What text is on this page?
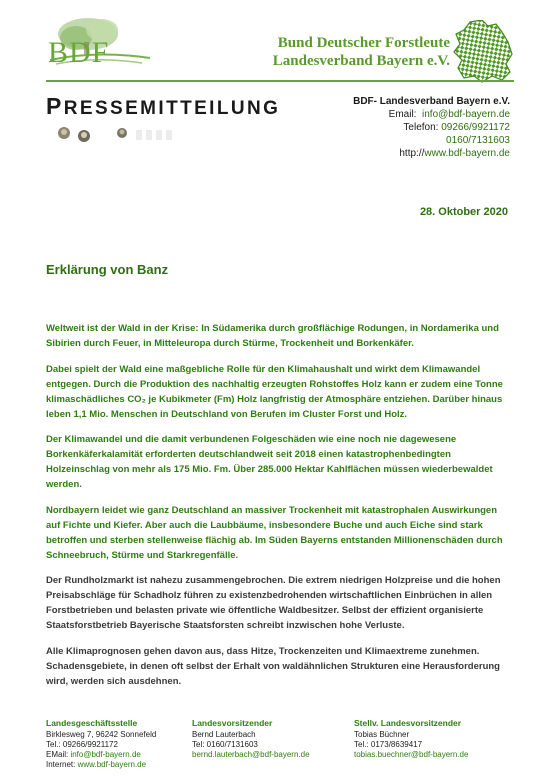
BDF	Bund Deutscher Forstleute
Landesverband Bayern e.V.
PRESSEMITTEILUNG	BDF- Landesverband Bayern e.V.
Email: info@bdf-bayern.de
Telefon: 09266/9921172
0160/7131603
http://www.bdf-bayern.de
28. Oktober 2020
Erklärung von Banz

Weltweit ist der Wald in der Krise: In Südamerika durch großflächige Rodungen, in Nordamerika und Sibirien durch Feuer, in Mitteleuropa durch Stürme, Trockenheit und Borkenkäfer.

Dabei spielt der Wald eine maßgebliche Rolle für den Klimahaushalt und wirkt dem Klimawandel entgegen. Durch die Produktion des nachhaltig erzeugten Rohstoffes Holz kann er zudem eine Tonne klimaschädliches CO₂ je Kubikmeter (Fm) Holz langfristig der Atmosphäre entziehen. Darüber hinaus leben 1,1 Mio. Menschen in Deutschland von Berufen im Cluster Forst und Holz.

Der Klimawandel und die damit verbundenen Folgeschäden wie eine noch nie dagewesene Borkenkäferkalamität erforderten deutschlandweit seit 2018 einen katastrophenbedingten Holzeinschlag von mehr als 175 Mio. Fm. Über 285.000 Hektar Kahlflächen müssen wiederbewaldet werden.

Nordbayern leidet wie ganz Deutschland an massiver Trockenheit mit katastrophalen Auswirkungen auf Fichte und Kiefer. Aber auch die Laubbäume, insbesondere Buche und auch Eiche sind stark betroffen und sterben stellenweise flächig ab. Im Süden Bayerns entstanden Millionenschäden durch Schneebruch, Stürme und Starkregenfälle.

Der Rundholzmarkt ist nahezu zusammengebrochen. Die extrem niedrigen Holzpreise und die hohen Preisabschläge für Schadholz führen zu existenzbedrohenden wirtschaftlichen Einbrüchen in allen Forstbetrieben und belasten private wie öffentliche Waldbesitzer. Selbst der effizient organisierte Staatsforstbetrieb Bayerische Staatsforsten schreibt inzwischen hohe Verluste.

Alle Klimaprognosen gehen davon aus, dass Hitze, Trockenzeiten und Klimaextreme zunehmen. Schadensgebiete, in denen oft selbst der Erhalt von waldähnlichen Strukturen eine Herausforderung wird, werden sich ausdehnen.

Landesgeschäftsstelle
Birklesweg 7, 96242 Sonnefeld
Tel.: 09266/9921172
EMail: info@bdf-bayern.de
Internet: www.bdf-bayern.de
Landesvorsitzender
Bernd Lauterbach
Tel: 0160/7131603
bernd.lauterbach@bdf-bayern.de
Stellv. Landesvorsitzender
Tobias Büchner
Tel.: 0173/8639417
tobias.buechner@bdf-bayern.de
